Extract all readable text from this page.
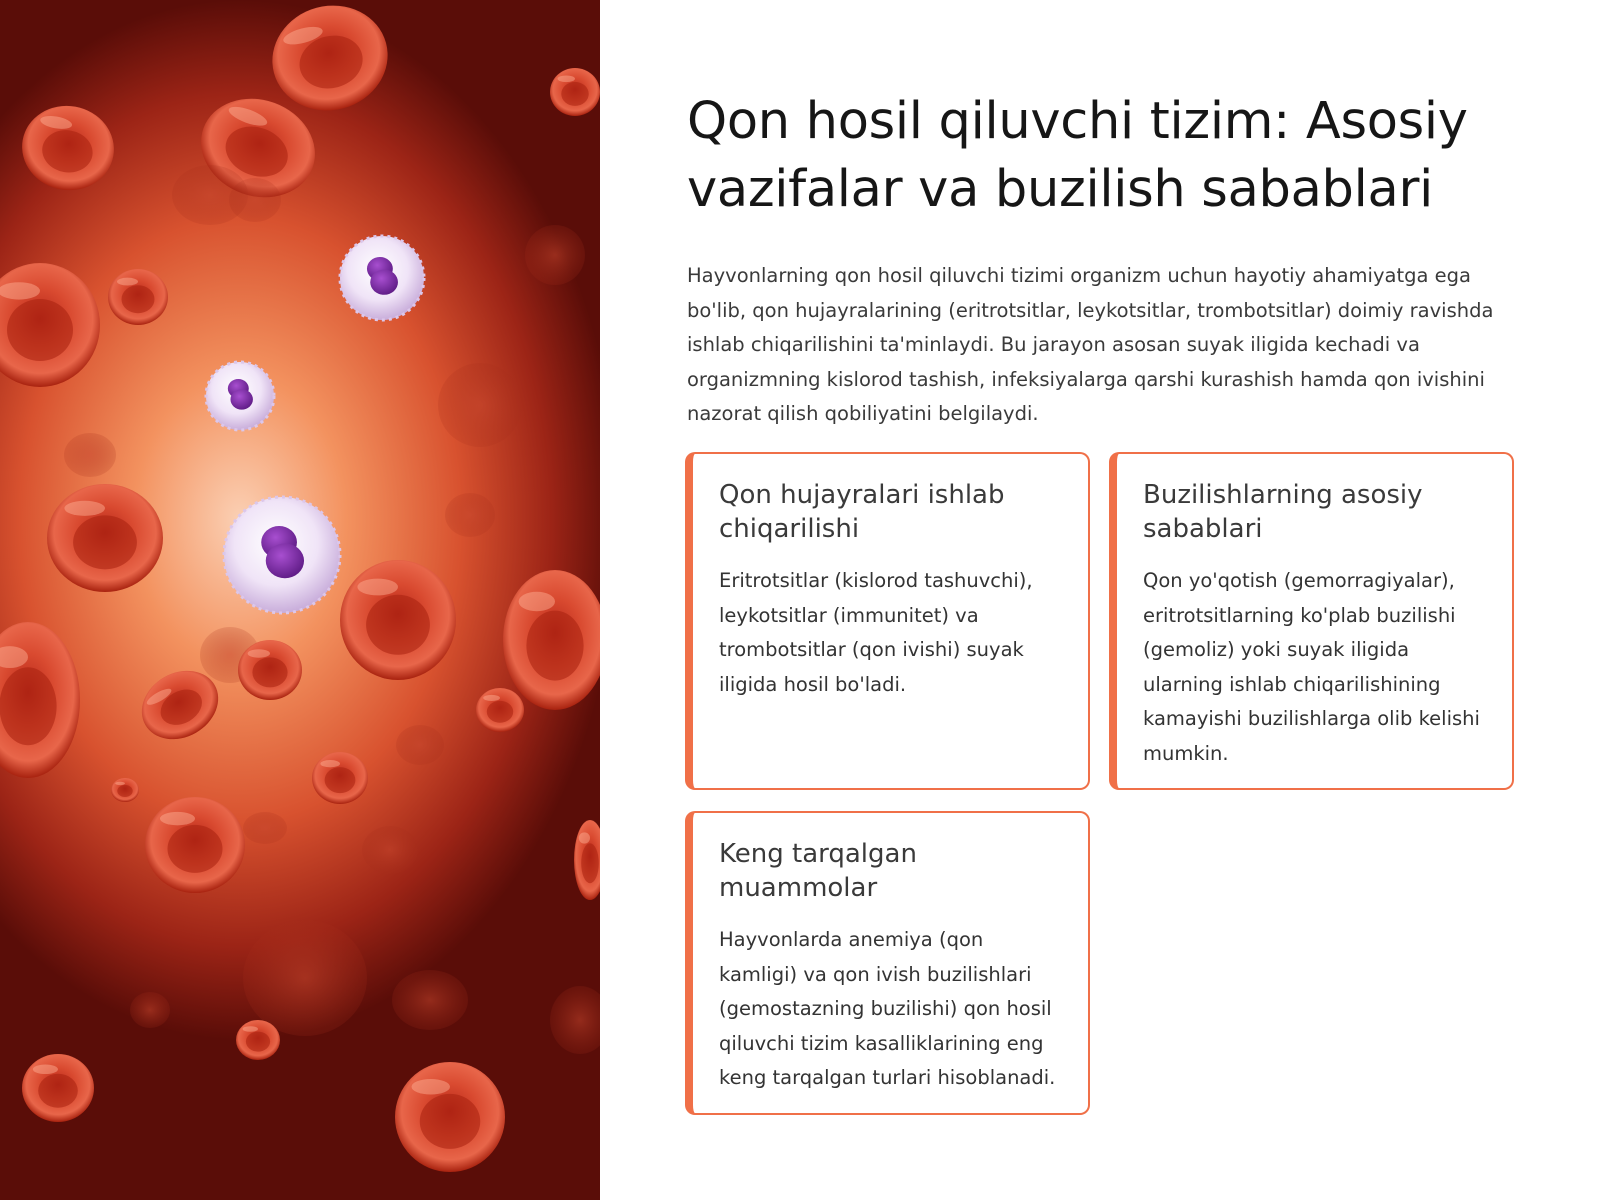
Qon hosil qiluvchi tizim: Asosiy vazifalar va buzilish sabablari

Hayvonlarning qon hosil qiluvchi tizimi organizm uchun hayotiy ahamiyatga ega bo'lib, qon hujayralarining (eritrotsitlar, leykotsitlar, trombotsitlar) doimiy ravishda ishlab chiqarilishini ta'minlaydi. Bu jarayon asosan suyak iligida kechadi va organizmning kislorod tashish, infeksiyalarga qarshi kurashish hamda qon ivishini nazorat qilish qobiliyatini belgilaydi.

Qon hujayralari ishlab chiqarilishi

Eritrotsitlar (kislorod tashuvchi), leykotsitlar (immunitet) va trombotsitlar (qon ivishi) suyak iligida hosil bo'ladi.

Buzilishlarning asosiy sabablari

Qon yo'qotish (gemorragiyalar), eritrotsitlarning ko'plab buzilishi (gemoliz) yoki suyak iligida ularning ishlab chiqarilishining kamayishi buzilishlarga olib kelishi mumkin.

Keng tarqalgan muammolar

Hayvonlarda anemiya (qon kamligi) va qon ivish buzilishlari (gemostazning buzilishi) qon hosil qiluvchi tizim kasalliklarining eng keng tarqalgan turlari hisoblanadi.
